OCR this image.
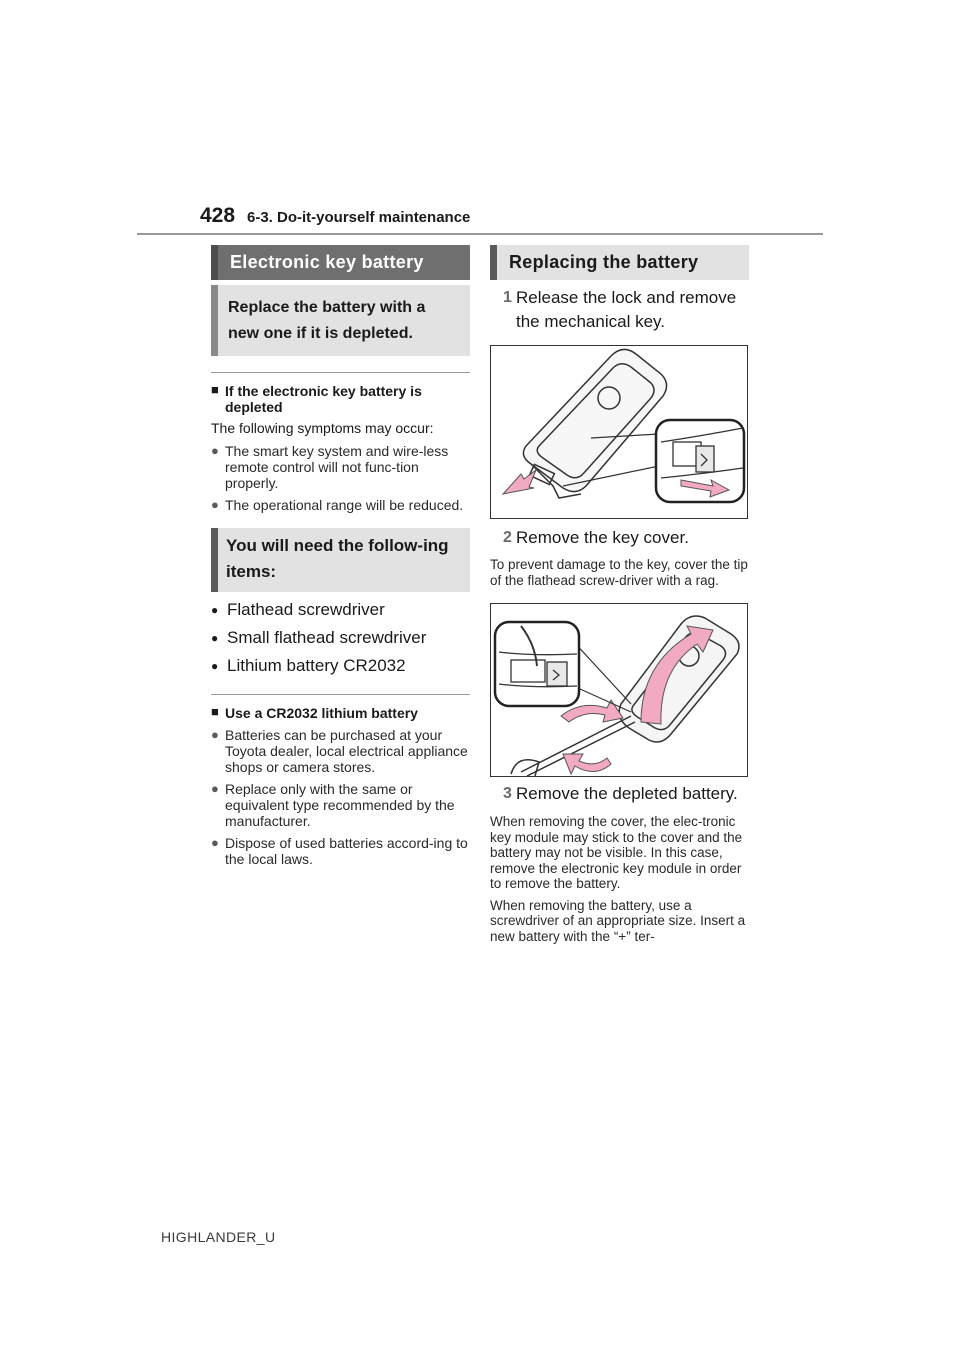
428 6-3. Do-it-yourself maintenance
Electronic key battery
Replace the battery with a new one if it is depleted.
■ If the electronic key battery is depleted
The following symptoms may occur:
● The smart key system and wire-less remote control will not func-tion properly.
● The operational range will be reduced.
You will need the follow-ing items:
● Flathead screwdriver
● Small flathead screwdriver
● Lithium battery CR2032
■ Use a CR2032 lithium battery
● Batteries can be purchased at your Toyota dealer, local electrical appliance shops or camera stores.
● Replace only with the same or equivalent type recommended by the manufacturer.
● Dispose of used batteries accord-ing to the local laws.
Replacing the battery
1 Release the lock and remove the mechanical key.
2 Remove the key cover.
To prevent damage to the key, cover the tip of the flathead screw-driver with a rag.
3 Remove the depleted battery.
When removing the cover, the elec-tronic key module may stick to the cover and the battery may not be visible. In this case, remove the electronic key module in order to remove the battery.
When removing the battery, use a screwdriver of an appropriate size. Insert a new battery with the “+” ter-
HIGHLANDER_U
